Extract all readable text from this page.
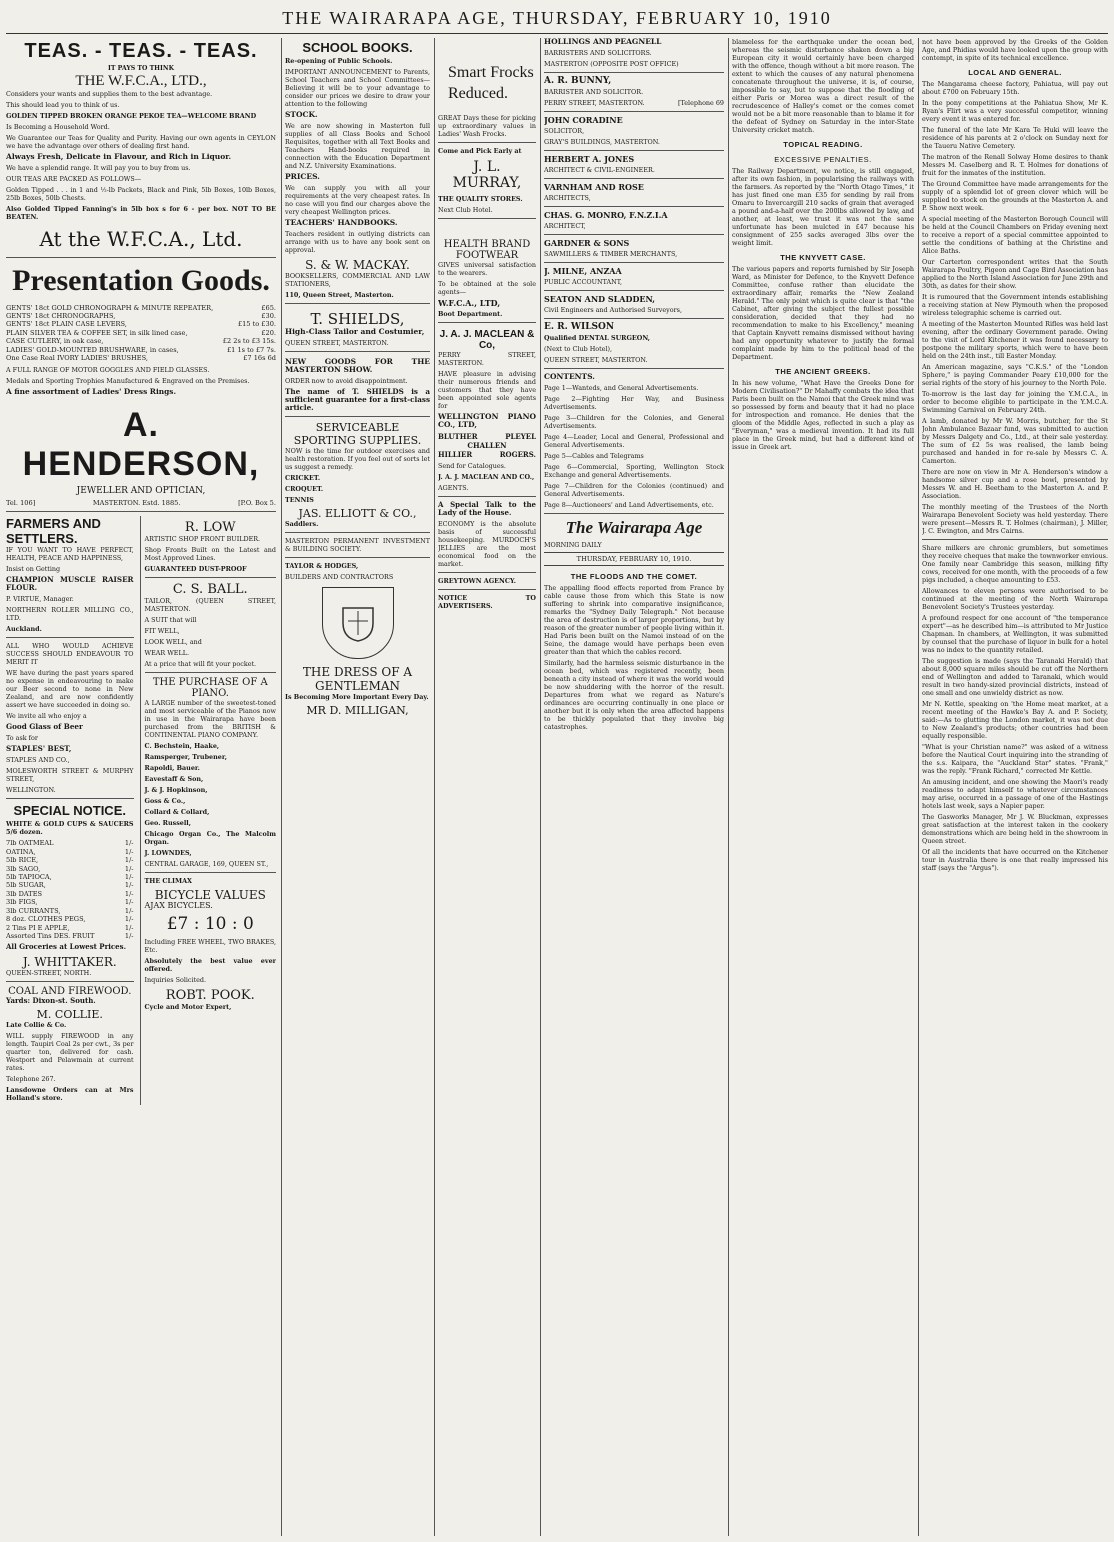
THE WAIRARAPA AGE, THURSDAY, FEBRUARY 10, 1910
TEAS. - TEAS. - TEAS.
IT PAYS TO THINK
THE W.F.C.A., LTD.,

Considers your wants and supplies them to the best advantage.

This should lead you to think of us.

GOLDEN TIPPED BROKEN ORANGE PEKOE TEA—WELCOME BRAND

Is Becoming a Household Word.

We Guarantee our Teas for Quality and Purity. Having our own agents in CEYLON we have the advantage over others of dealing first hand.

Always Fresh, Delicate in Flavour, and Rich in Liquor.

We have a splendid range. It will pay you to buy from us.

OUR TEAS ARE PACKED AS FOLLOWS—

Golden Tipped . . . in 1 and ½-lb Packets, Black and Pink, 5lb Boxes, 10lb Boxes, 25lb Boxes, 50lb Chests.

Also Golded Tipped Fanning's in 5lb box s for 6 - per box. NOT TO BE BEATEN.

At the W.F.C.A., Ltd.
Presentation Goods.
GENTS' 18ct GOLD CHRONOGRAPH & MINUTE REPEATER,	£65.
GENTS' 18ct CHRONOGRAPHS,	£30.
GENTS' 18ct PLAIN CASE LEVERS,	£15 to £30.
PLAIN SILVER TEA & COFFEE SET, in silk lined case,	£20.
CASE CUTLERY, in oak case,	£2 2s to £3 15s.
LADIES' GOLD-MOUNTED BRUSHWARE, in cases,	£1 1s to £7 7s.
One Case Real IVORY LADIES' BRUSHES,	£7 16s 6d

A FULL RANGE OF MOTOR GOGGLES AND FIELD GLASSES.

Medals and Sporting Trophies Manufactured & Engraved on the Premises.

A fine assortment of Ladies' Dress Rings.

A. HENDERSON,
JEWELLER AND OPTICIAN,
Tel. 106]	MASTERTON. Estd. 1885.	[P.O. Box 5.
FARMERS AND SETTLERS.

IF YOU WANT TO HAVE PERFECT, HEALTH, PEACE AND HAPPINESS,

Insist on Getting

CHAMPION MUSCLE RAISER FLOUR.

P. VIRTUE, Manager.

NORTHERN ROLLER MILLING CO., LTD.

Auckland.

ALL WHO WOULD ACHIEVE SUCCESS SHOULD ENDEAVOUR TO MERIT IT

WE have during the past years spared no expense in endeavouring to make our Beer second to none in New Zealand, and are now confidently assert we have succeeded in doing so.

We invite all who enjoy a

Good Glass of Beer

To ask for

STAPLES' BEST,

STAPLES AND CO.,

MOLESWORTH STREET & MURPHY STREET,

WELLINGTON.

SPECIAL NOTICE.

WHITE & GOLD CUPS & SAUCERS 5/6 dozen.

7lb OATMEAL	1/-
OATINA,	1/-
5lb RICE,	1/-
3lb SAGO,	1/-
5lb TAPIOCA,	1/-
5lb SUGAR,	1/-
3lb DATES	1/-
3lb FIGS,	1/-
3lb CURRANTS,	1/-
8 doz. CLOTHES PEGS,	1/-
2 Tins PI E APPLE,	1/-
Assorted Tins DES. FRUIT	1/-

All Groceries at Lowest Prices.

J. WHITTAKER.

QUEEN-STREET, NORTH.

COAL AND FIREWOOD.

Yards: Dixon-st. South.

M. COLLIE.

Late Collie & Co.

WILL supply FIREWOOD in any length. Taupiri Coal 2s per cwt., 3s per quarter ton, delivered for cash. Westport and Pelawmain at current rates.

Telephone 267.

Lansdowne Orders can at Mrs Holland's store.

R. LOW

ARTISTIC SHOP FRONT BUILDER.

Shop Fronts Built on the Latest and Most Approved Lines.

GUARANTEED DUST-PROOF

C. S. BALL.

TAILOR, (QUEEN STREET, MASTERTON.

A SUIT that will

FIT WELL,

LOOK WELL, and

WEAR WELL.

At a price that will fit your pocket.

THE PURCHASE OF A PIANO.

A LARGE number of the sweetest-toned and most serviceable of the Pianos now in use in the Wairarapa have been purchased from the BRITISH & CONTINENTAL PIANO COMPANY.

C. Bechstein, Haake,

Ramsperger, Trubener,

Rapoldi, Bauer.

Eavestaff & Son,

J. & J. Hopkinson,

Goss & Co.,

Collard & Collard,

Geo. Russell,

Chicago Organ Co., The Malcolm Organ.

J. LOWNDES,

CENTRAL GARAGE, 169, QUEEN ST.,

THE CLIMAX

BICYCLE VALUES

AJAX BICYCLES.

£7 : 10 : 0

Including FREE WHEEL, TWO BRAKES, Etc.

Absolutely the best value ever offered.

Inquiries Solicited.

ROBT. POOK.

Cycle and Motor Expert,

SCHOOL BOOKS.

Re-opening of Public Schools.

IMPORTANT ANNOUNCEMENT to Parents, School Teachers and School Committees—Believing it will be to your advantage to consider our prices we desire to draw your attention to the following

STOCK.

We are now showing in Masterton full supplies of all Class Books and School Requisites, together with all Text Books and Teachers Hand-books required in connection with the Education Department and N.Z. University Examinations.

PRICES.

We can supply you with all your requirements at the very cheapest rates. In no case will you find our charges above the very cheapest Wellington prices.

TEACHERS' HANDBOOKS.

Teachers resident in outlying districts can arrange with us to have any book sent on approval.

S. & W. MACKAY.

BOOKSELLERS, COMMERCIAL AND LAW STATIONERS,

110, Queen Street, Masterton.

T. SHIELDS,

High-Class Tailor and Costumier,

QUEEN STREET, MASTERTON.

NEW GOODS FOR THE MASTERTON SHOW.

ORDER now to avoid disappointment.

The name of T. SHIELDS is a sufficient guarantee for a first-class article.

SERVICEABLE SPORTING SUPPLIES.

NOW is the time for outdoor exercises and health restoration. If you feel out of sorts let us suggest a remedy.

CRICKET.

CROQUET.

TENNIS

JAS. ELLIOTT & CO.,

Saddlers.

MASTERTON PERMANENT INVESTMENT & BUILDING SOCIETY.

TAYLOR & HODGES,

BUILDERS AND CONTRACTORS

THE DRESS OF A GENTLEMAN

Is Becoming More Important Every Day.

MR D. MILLIGAN,
Smart Frocks Reduced.

GREAT Days these for picking up extraordinary values in Ladies' Wash Frocks.

Come and Pick Early at

J. L. MURRAY,

THE QUALITY STORES.

Next Club Hotel.

HEALTH BRAND FOOTWEAR

GIVES universal satisfaction to the wearers.

To be obtained at the sole agents—

W.F.C.A., LTD,

Boot Department.

J. A. J. MACLEAN & Co,

PERRY STREET, MASTERTON.

HAVE pleasure in advising their numerous friends and customers that they have been appointed sole agents for

WELLINGTON PIANO CO., LTD,

BLUTHER	PLEYEL
CHALLEN
HILLIER	ROGERS.

Send for Catalogues.

J. A. J. MACLEAN AND CO.,

AGENTS.

A Special Talk to the Lady of the House.

ECONOMY is the absolute basis of successful housekeeping. MURDOCH'S JELLIES are the most economical food on the market.

GREYTOWN AGENCY.

NOTICE TO ADVERTISERS.

HOLLINGS AND PEAGNELL

BARRISTERS AND SOLICITORS.

MASTERTON (OPPOSITE POST OFFICE)

A. R. BUNNY,

BARRISTER AND SOLICITOR.

PERRY STREET, MASTERTON.	[Telephone 69

JOHN CORADINE

SOLICITOR,

GRAY'S BUILDINGS, MASTERTON.

HERBERT A. JONES

ARCHITECT & CIVIL-ENGINEER.

VARNHAM AND ROSE

ARCHITECTS,

CHAS. G. MONRO, F.N.Z.I.A

ARCHITECT,

GARDNER & SONS

SAWMILLERS & TIMBER MERCHANTS,

J. MILNE, ANZAA

PUBLIC ACCOUNTANT,

SEATON AND SLADDEN,

Civil Engineers and Authorised Surveyors,

E. R. WILSON

Qualified DENTAL SURGEON,

(Next to Club Hotel),

QUEEN STREET, MASTERTON.

CONTENTS.

Page 1—Wanteds, and General Advertisements.

Page 2—Fighting Her Way, and Business Advertisements.

Page 3—Children for the Colonies, and General Advertisements.

Page 4—Leader, Local and General, Professional and General Advertisements.

Page 5—Cables and Telegrams

Page 6—Commercial, Sporting, Wellington Stock Exchange and general Advertisements.

Page 7—Children for the Colonies (continued) and General Advertisements.

Page 8—Auctioneers' and Land Advertisements, etc.

The Wairarapa Age

MORNING DAILY

THURSDAY, FEBRUARY 10, 1910.
THE FLOODS AND THE COMET.

The appalling flood effects reported from France by cable cause those from which this State is now suffering to shrink into comparative insignificance, remarks the "Sydney Daily Telegraph." Not because the area of destruction is of larger proportions, but by reason of the greater number of people living within it. Had Paris been built on the Namoi instead of on the Seine, the damage would have perhaps been even greater than that which the cables record.

Similarly, had the harmless seismic disturbance in the ocean bed, which was registered recently, been beneath a city instead of where it was the world would be now shuddering with the horror of the result. Departures from what we regard as Nature's ordinances are occurring continually in one place or another but it is only when the area affected happens to be thickly populated that they involve big catastrophes.

blameless for the earthquake under the ocean bed, whereas the seismic disturbance shaken down a big European city it would certainly have been charged with the offence, though without a bit more reason. The extent to which the causes of any natural phenomena concatenate throughout the universe, it is, of course, impossible to say, but to suppose that the flooding of either Paris or Morea was a direct result of the recrudescence of Halley's comet or the comes comet would not be a bit more reasonable than to blame it for the defeat of Sydney on Saturday in the inter-State University cricket match.

TOPICAL READING.
EXCESSIVE PENALTIES.

The Railway Department, we notice, is still engaged, after its own fashion, in popularising the railways with the farmers. As reported by the "North Otago Times," it has just fined one man £35 for sending by rail from Omaru to Invercargill 210 sacks of grain that averaged a pound and-a-half over the 200lbs allowed by law, and another, at least, we trust it was not the same unfortunate has been mulcted in £47 because his consignment of 255 sacks averaged 3lbs over the weight limit.

THE KNYVETT CASE.

The various papers and reports furnished by Sir Joseph Ward, as Minister for Defence, to the Knyvett Defence Committee, confuse rather than elucidate the extraordinary affair, remarks the "New Zealand Herald." The only point which is quite clear is that "the Cabinet, after giving the subject the fullest possible consideration, decided that they had no recommendation to make to his Excellency," meaning that Captain Knyvett remains dismissed without having had any opportunity whatever to justify the formal complaint made by him to the political head of the Department.

THE ANCIENT GREEKS.

In his new volume, "What Have the Greeks Done for Modern Civilisation?" Dr Mahaffy combats the idea that Paris been built on the Namoi that the Greek mind was so possessed by form and beauty that it had no place for introspection and romance. He denies that the gloom of the Middle Ages, reflected in such a play as "Everyman," was a medieval invention. It had its full place in the Greek mind, but had a different kind of issue in Greek art.

not have been approved by the Greeks of the Golden Age, and Phidias would have looked upon the group with contempt, in spite of its technical excellence.

LOCAL AND GENERAL.

The Mangarama cheese factory, Pahiatua, will pay out about £700 on February 15th.

In the pony competitions at the Pahiatua Show, Mr K. Ryan's Flirt was a very successful competitor, winning every event it was entered for.

The funeral of the late Mr Kara Te Huki will leave the residence of his parents at 2 o'clock on Sunday next for the Taueru Native Cemetery.

The matron of the Renall Solway Home desires to thank Messrs M. Caselberg and R. T. Holmes for donations of fruit for the inmates of the institution.

The Ground Committee have made arrangements for the supply of a splendid lot of green clover which will be supplied to stock on the grounds at the Masterton A. and P. Show next week.

A special meeting of the Masterton Borough Council will be held at the Council Chambers on Friday evening next to receive a report of a special committee appointed to settle the conditions of bathing at the Christine and Alice Baths.

Our Carterton correspondent writes that the South Wairarapa Poultry, Pigeon and Cage Bird Association has applied to the North Island Association for June 29th and 30th, as dates for their show.

It is rumoured that the Government intends establishing a receiving station at New Plymouth when the proposed wireless telegraphic scheme is carried out.

A meeting of the Masterton Mounted Rifles was held last evening, after the ordinary Government parade. Owing to the visit of Lord Kitchener it was found necessary to postpone the military sports, which were to have been held on the 24th inst., till Easter Monday.

An American magazine, says "C.K.S." of the "London Sphere," is paying Commander Peary £10,000 for the serial rights of the story of his journey to the North Pole.

To-morrow is the last day for joining the Y.M.C.A., in order to become eligible to participate in the Y.M.C.A. Swimming Carnival on February 24th.

A lamb, donated by Mr W. Morris, butcher, for the St John Ambulance Bazaar fund, was submitted to auction by Messrs Dalgety and Co., Ltd., at their sale yesterday. The sum of £2 5s was realised, the lamb being purchased and handed in for re-sale by Messrs C. A. Camerton.

There are now on view in Mr A. Henderson's window a handsome silver cup and a rose bowl, presented by Messrs W. and H. Beetham to the Masterton A. and P. Association.

The monthly meeting of the Trustees of the North Wairarapa Benevolent Society was held yesterday. There were present—Messrs R. T. Holmes (chairman), J. Miller, J. C. Ewington, and Mrs Cairns.

Share milkers are chronic grumblers, but sometimes they receive cheques that make the townworker envious. One family near Cambridge this season, milking fifty cows, received for one month, with the proceeds of a few pigs included, a cheque amounting to £53.

Allowances to eleven persons were authorised to be continued at the meeting of the North Wairarapa Benevolent Society's Trustees yesterday.

A profound respect for one account of "the temperance expert"—as he described him—is attributed to Mr Justice Chapman. In chambers, at Wellington, it was submitted by counsel that the purchase of liquor in bulk for a hotel was no index to the quantity retailed.

The suggestion is made (says the Taranaki Herald) that about 8,000 square miles should be cut off the Northern end of Wellington and added to Taranaki, which would result in two handy-sized provincial districts, instead of one small and one unwieldy district as now.

Mr N. Kettle, speaking on 'the Home meat market, at a recent meeting of the Hawke's Bay A. and P. Society, said:—As to glutting the London market, it was not due to New Zealand's products; other countries had been equally responsible.

"What is your Christian name?" was asked of a witness before the Nautical Court inquiring into the stranding of the s.s. Kaipara, the "Auckland Star" states. "Frank," was the reply. "Frank Richard," corrected Mr Kettle.

An amusing incident, and one showing the Maori's ready readiness to adapt himself to whatever circumstances may arise, occurred in a passage of one of the Hastings hotels last week, says a Napier paper.

The Gasworks Manager, Mr J. W. Bluckman, expresses great satisfaction at the interest taken in the cookery demonstrations which are being held in the showroom in Queen street.

Of all the incidents that have occurred on the Kitchener tour in Australia there is one that really impressed his staff (says the "Argus").
